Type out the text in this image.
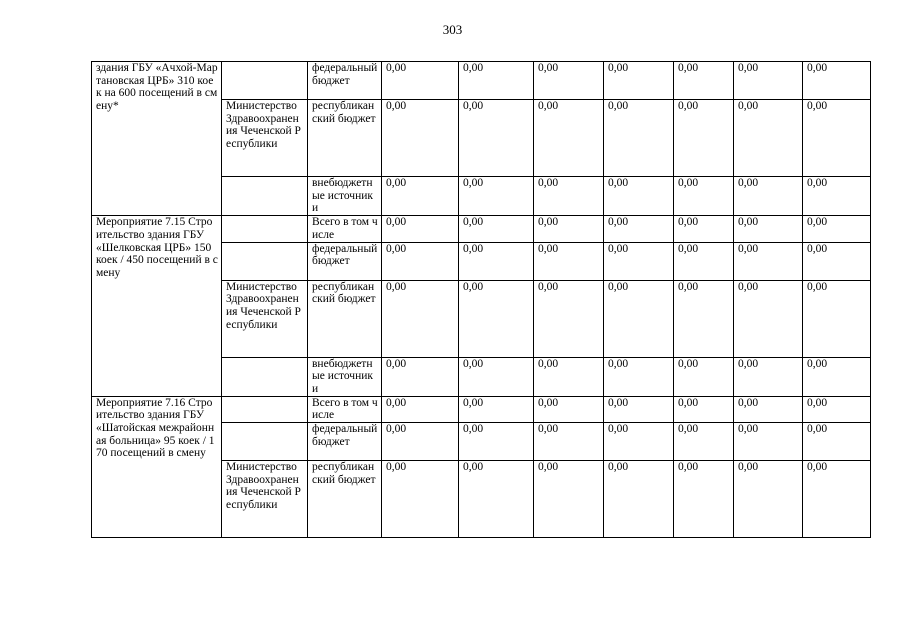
303
здания ГБУ «Ачхой-Мартановская ЦРБ» 310 коек на 600 посещений в смену*		федеральный бюджет	0,00	0,00	0,00	0,00	0,00	0,00	0,00
	Министерство Здравоохранения Чеченской Республики	республиканский бюджет	0,00	0,00	0,00	0,00	0,00	0,00	0,00
		внебюджетные источники	0,00	0,00	0,00	0,00	0,00	0,00	0,00
Мероприятие 7.15 Строительство здания ГБУ «Шелковская ЦРБ» 150 коек / 450 посещений в смену		Всего в том числе	0,00	0,00	0,00	0,00	0,00	0,00	0,00
		федеральный бюджет	0,00	0,00	0,00	0,00	0,00	0,00	0,00
	Министерство Здравоохранения Чеченской Республики	республиканский бюджет	0,00	0,00	0,00	0,00	0,00	0,00	0,00
		внебюджетные источники	0,00	0,00	0,00	0,00	0,00	0,00	0,00
Мероприятие 7.16 Строительство здания ГБУ «Шатойская межрайонная больница» 95 коек / 170 посещений в смену		Всего в том числе	0,00	0,00	0,00	0,00	0,00	0,00	0,00
		федеральный бюджет	0,00	0,00	0,00	0,00	0,00	0,00	0,00
	Министерство Здравоохранения Чеченской Республики	республиканский бюджет	0,00	0,00	0,00	0,00	0,00	0,00	0,00
